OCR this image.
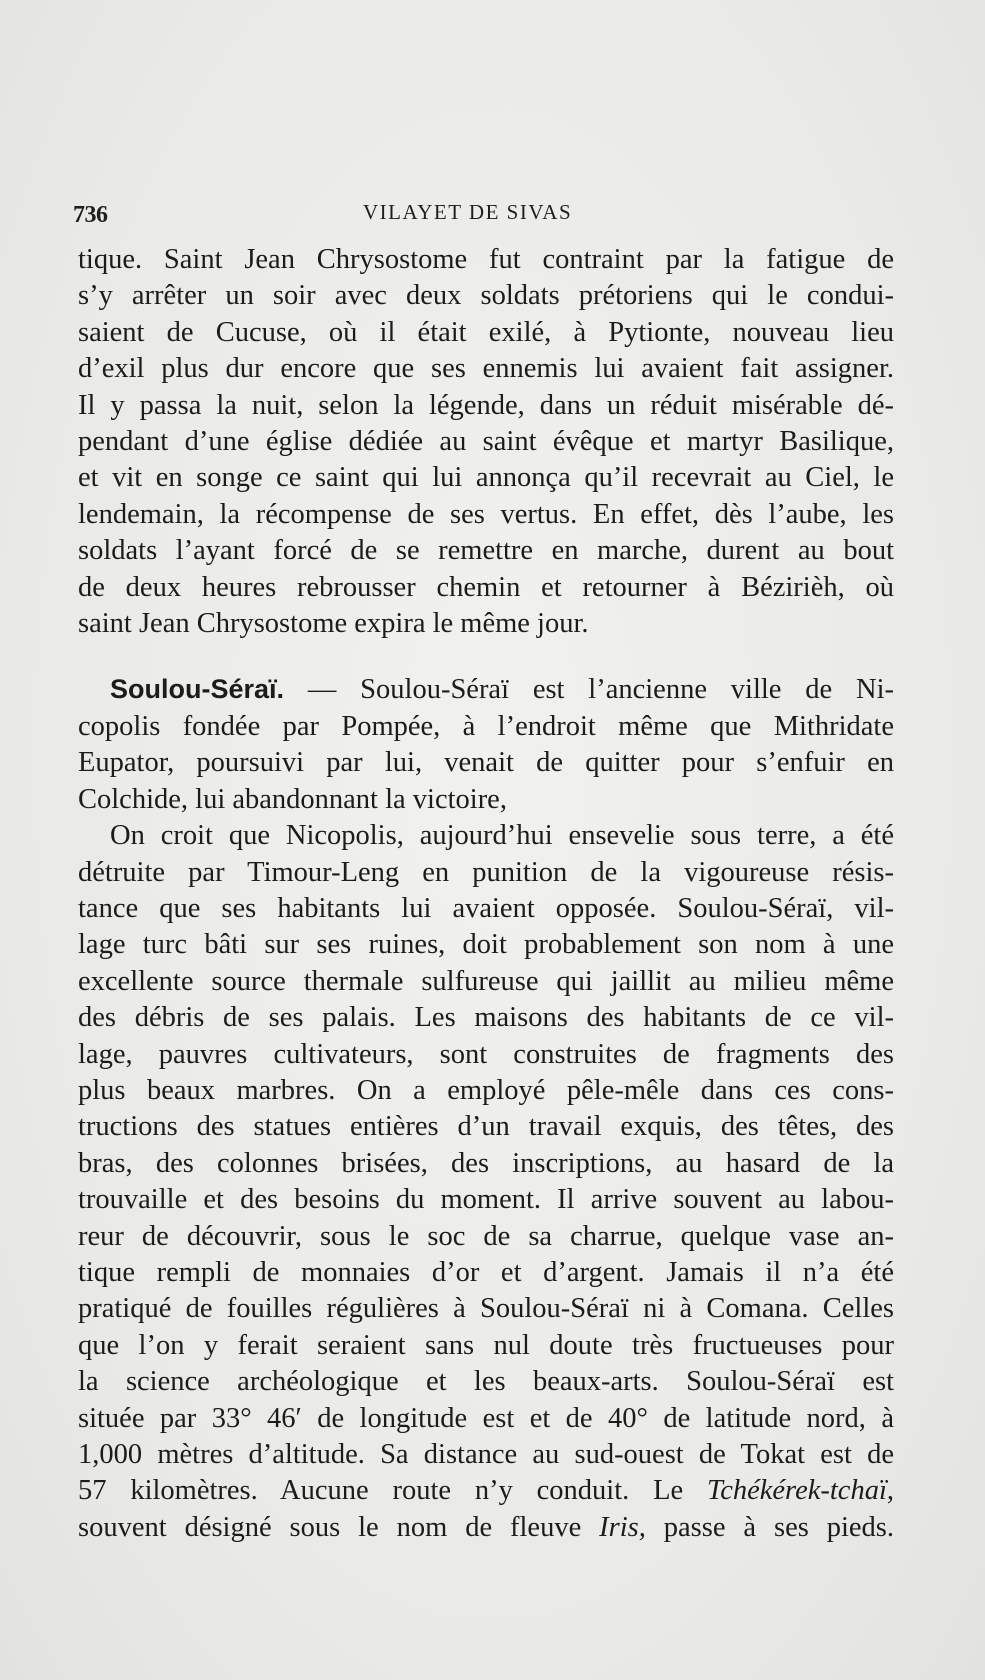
736	VILAYET DE SIVAS
tique. Saint Jean Chrysostome fut contraint par la fatigue de
s’y arrêter un soir avec deux soldats prétoriens qui le condui-
saient de Cucuse, où il était exilé, à Pytionte, nouveau lieu
d’exil plus dur encore que ses ennemis lui avaient fait assigner.
Il y passa la nuit, selon la légende, dans un réduit misérable dé-
pendant d’une église dédiée au saint évêque et martyr Basilique,
et vit en songe ce saint qui lui annonça qu’il recevrait au Ciel, le
lendemain, la récompense de ses vertus. En effet, dès l’aube, les
soldats l’ayant forcé de se remettre en marche, durent au bout
de deux heures rebrousser chemin et retourner à Bézirièh, où
saint Jean Chrysostome expira le même jour.
Soulou-Séraï. — Soulou-Séraï est l’ancienne ville de Ni-
copolis fondée par Pompée, à l’endroit même que Mithridate
Eupator, poursuivi par lui, venait de quitter pour s’enfuir en
Colchide, lui abandonnant la victoire,
On croit que Nicopolis, aujourd’hui ensevelie sous terre, a été
détruite par Timour-Leng en punition de la vigoureuse résis-
tance que ses habitants lui avaient opposée. Soulou-Séraï, vil-
lage turc bâti sur ses ruines, doit probablement son nom à une
excellente source thermale sulfureuse qui jaillit au milieu même
des débris de ses palais. Les maisons des habitants de ce vil-
lage, pauvres cultivateurs, sont construites de fragments des
plus beaux marbres. On a employé pêle-mêle dans ces cons-
tructions des statues entières d’un travail exquis, des têtes, des
bras, des colonnes brisées, des inscriptions, au hasard de la
trouvaille et des besoins du moment. Il arrive souvent au labou-
reur de découvrir, sous le soc de sa charrue, quelque vase an-
tique rempli de monnaies d’or et d’argent. Jamais il n’a été
pratiqué de fouilles régulières à Soulou-Séraï ni à Comana. Celles
que l’on y ferait seraient sans nul doute très fructueuses pour
la science archéologique et les beaux-arts. Soulou-Séraï est
située par 33° 46′ de longitude est et de 40° de latitude nord, à
1,000 mètres d’altitude. Sa distance au sud-ouest de Tokat est de
57 kilomètres. Aucune route n’y conduit. Le Tchékérek-tchaï,
souvent désigné sous le nom de fleuve Iris, passe à ses pieds.
